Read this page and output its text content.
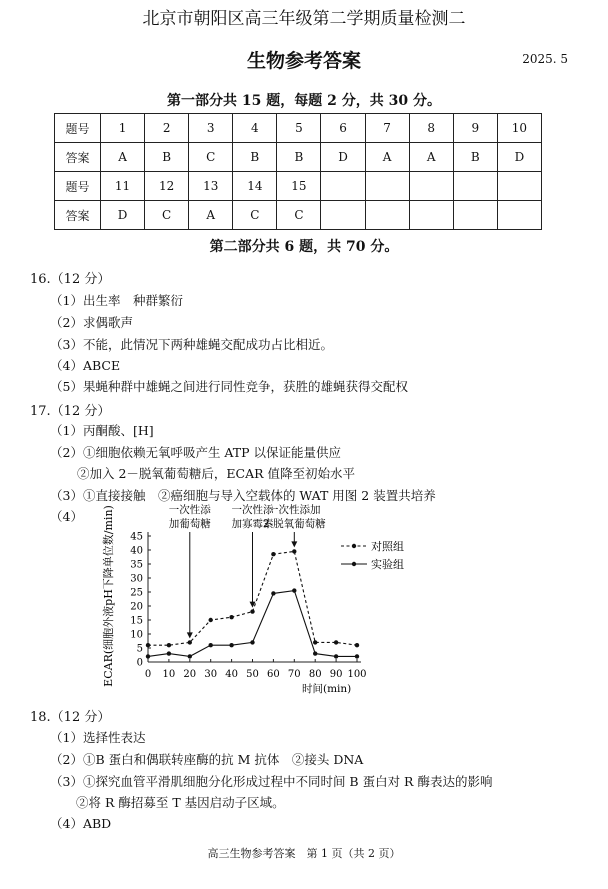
北京市朝阳区高三年级第二学期质量检测二
生物参考答案	2025. 5
第一部分共 15 题，每题 2 分，共 30 分。
题号	1	2	3	4	5	6	7	8	9	10
答案	A	B	C	B	B	D	A	A	B	D
题号	11	12	13	14	15					
答案	D	C	A	C	C					
第二部分共 6 题，共 70 分。
16.（12 分）
（1）出生率　种群繁衍
（2）求偶歌声
（3）不能，此情况下两种雄蝇交配成功占比相近。
（4）ABCE
（5）果蝇种群中雄蝇之间进行同性竞争，获胜的雄蝇获得交配权
17.（12 分）
（1）丙酮酸、[H]
（2）①细胞依赖无氧呼吸产生 ATP 以保证能量供应
②加入 2－脱氧葡萄糖后，ECAR 值降至初始水平
（3）①直接接触　②癌细胞与导入空载体的 WAT 用图 2 装置共培养
（4）
0
5
10
15
20
25
30
35
40
45
0 10 20 30 40 50 60 70 80 90 100
一次性添
加葡萄糖
一次性添
加寡霉素
一次性添加
2-脱氧葡萄糖
对照组
实验组
ECAR(细胞外液pH下降单位数/min)
时间(min)
18.（12 分）
（1）选择性表达
（2）①B 蛋白和偶联转座酶的抗 M 抗体　②接头 DNA
（3）①探究血管平滑肌细胞分化形成过程中不同时间 B 蛋白对 R 酶表达的影响
②将 R 酶招募至 T 基因启动子区域。
（4）ABD
高三生物参考答案　第 1 页（共 2 页）
